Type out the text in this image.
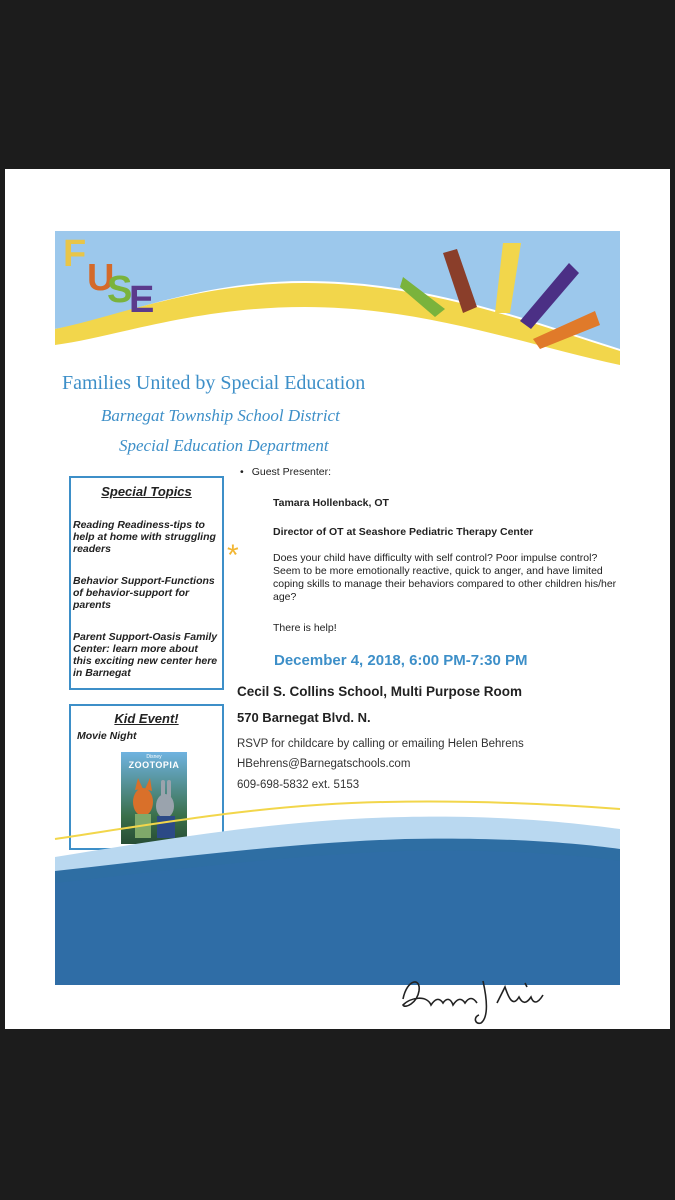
F
U
S
E
Families United by Special Education
Barnegat Township School District
Special Education Department
Special Topics
Reading Readiness-tips to help at home with struggling readers
Behavior Support-Functions of behavior-support for parents
Parent Support-Oasis Family Center: learn more about this exciting new center here in Barnegat
Kid Event!
Movie Night
Disney
ZOOTOPIA
*
• Guest Presenter:
Tamara Hollenback, OT
Director of OT at Seashore Pediatric Therapy Center
Does your child have difficulty with self control? Poor impulse control? Seem to be more emotionally reactive, quick to anger, and have limited coping skills to manage their behaviors compared to other children his/her age?
There is help!
December 4, 2018, 6:00 PM-7:30 PM
Cecil S. Collins School, Multi Purpose Room
570 Barnegat Blvd. N.
RSVP for childcare by calling or emailing Helen Behrens
HBehrens@Barnegatschools.com
609-698-5832 ext. 5153
